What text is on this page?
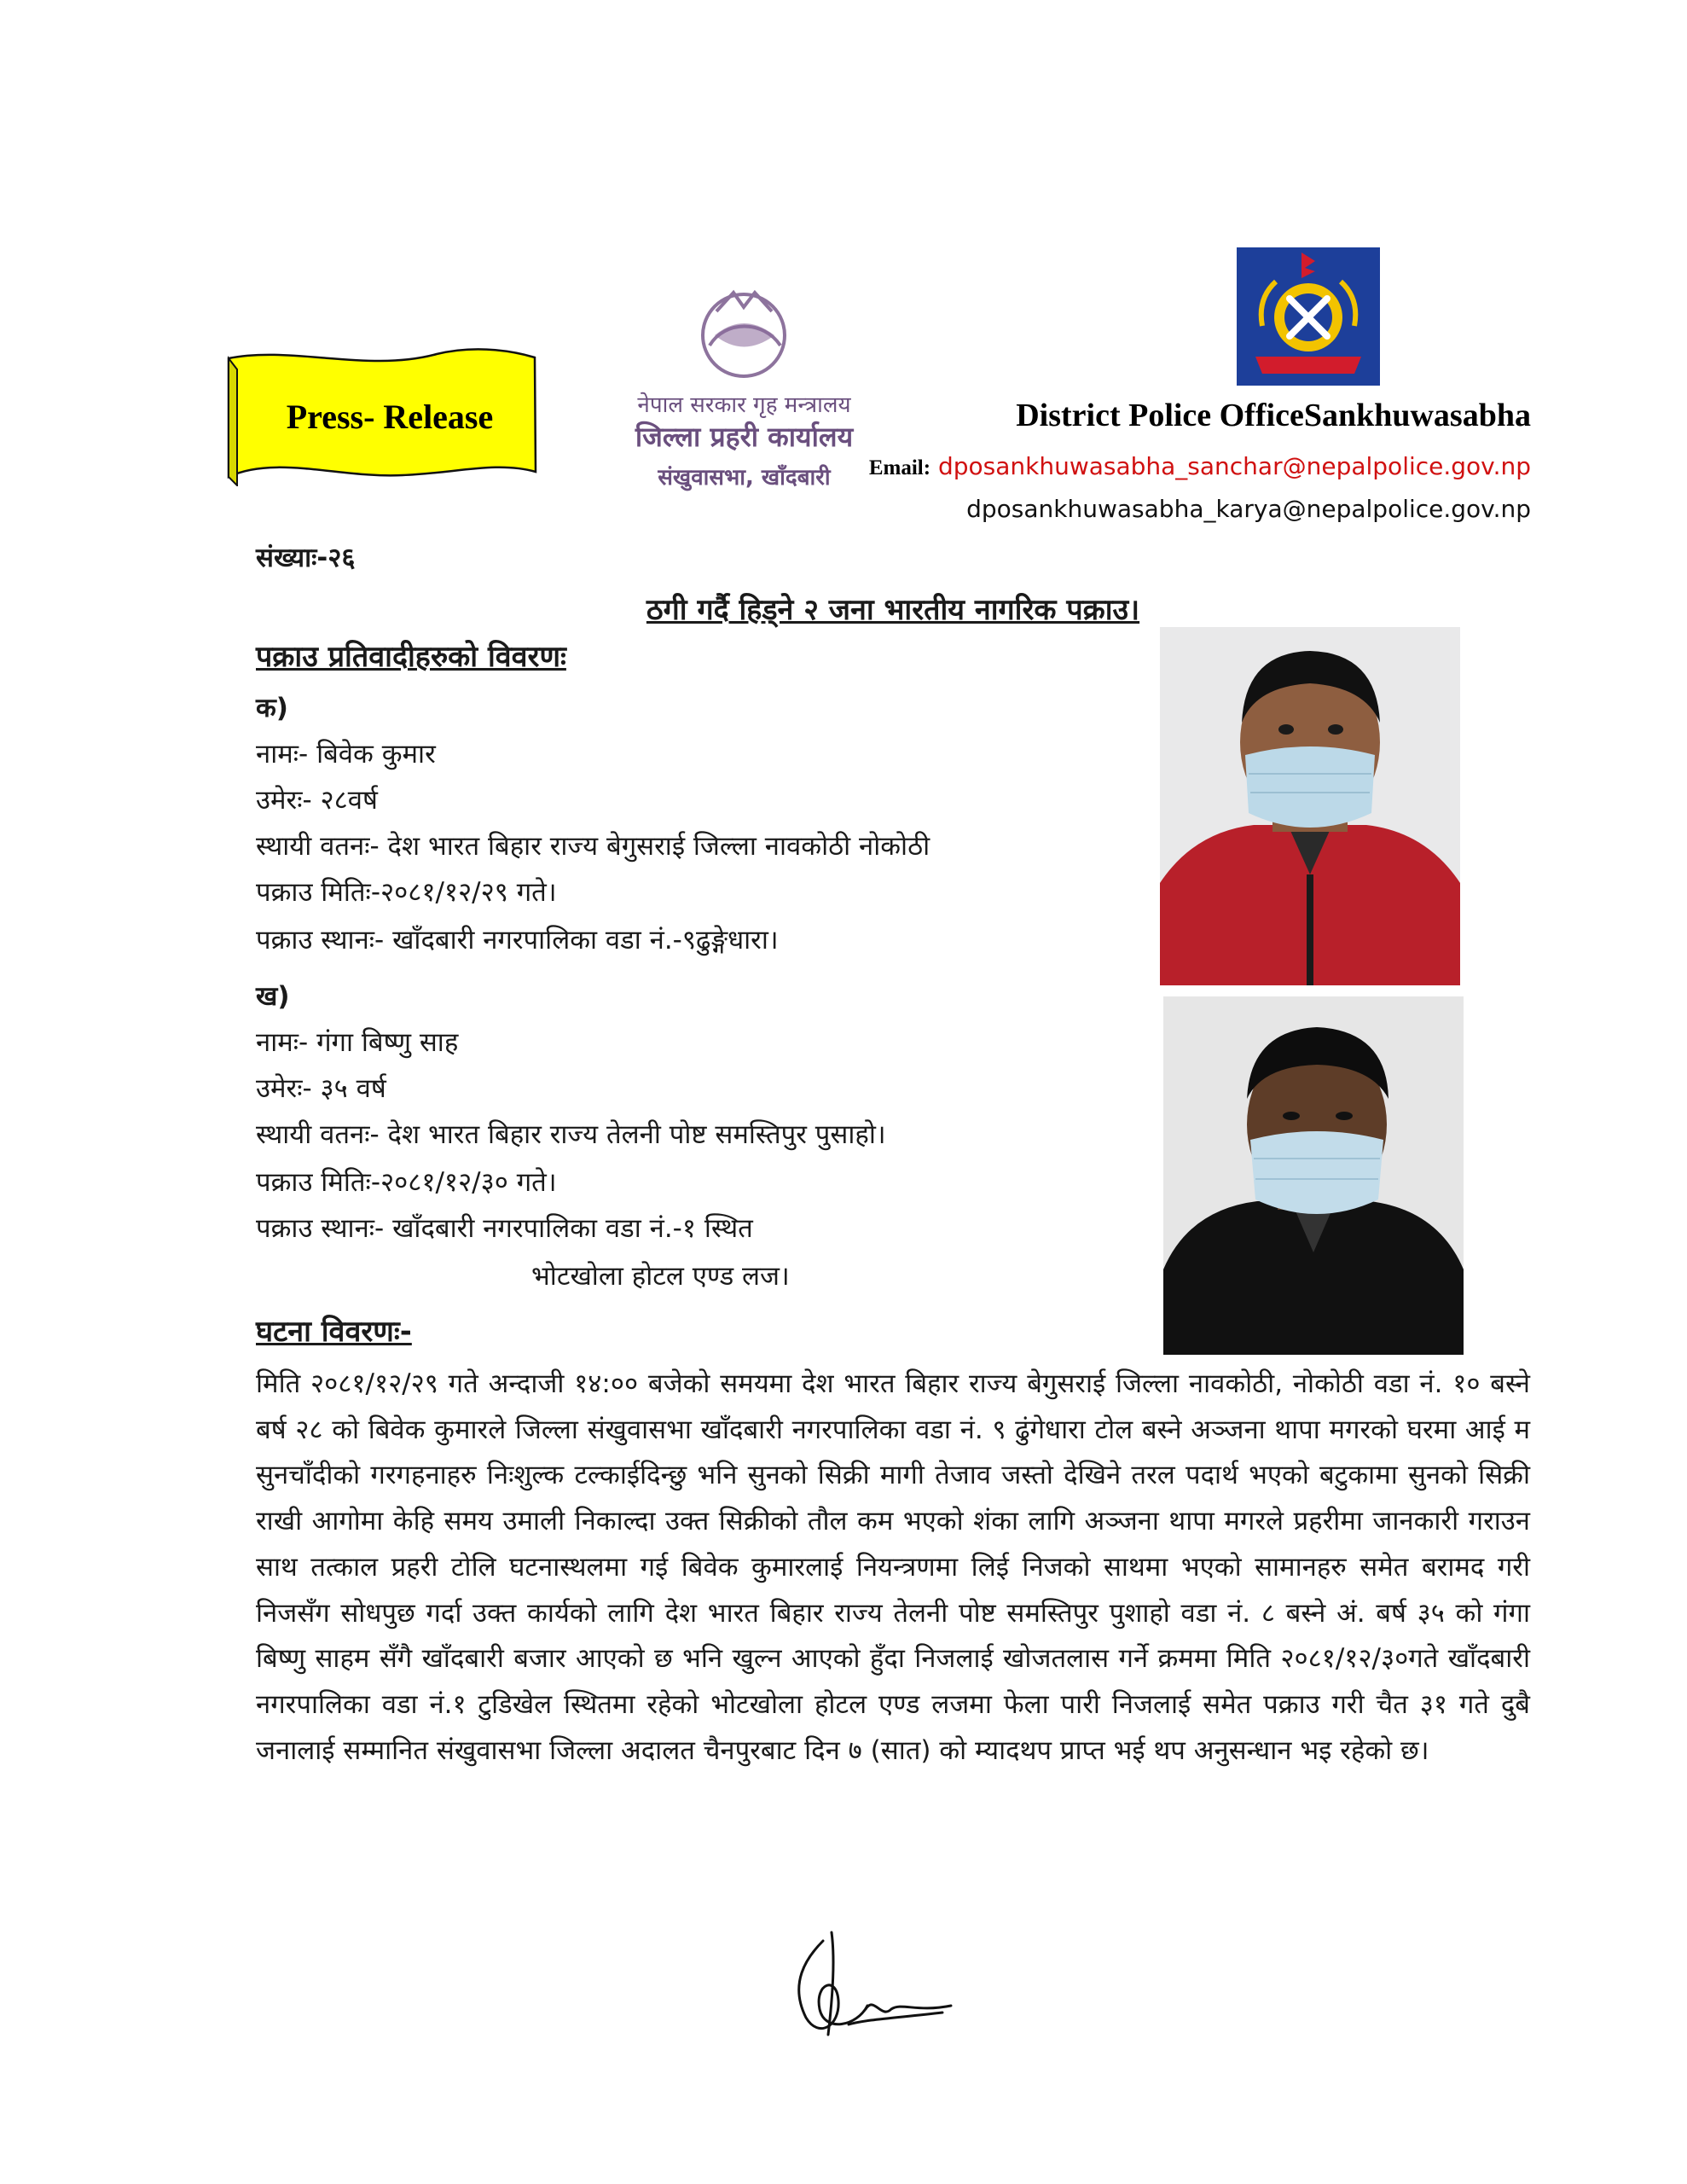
Press- Release	नेपाल सरकार गृह मन्त्रालय
जिल्ला प्रहरी कार्यालय
संखुवासभा, खाँदबारी
District Police OfficeSankhuwasabha
Email: dposankhuwasabha_sanchar@nepalpolice.gov.np
dposankhuwasabha_karya@nepalpolice.gov.np
संख्याः-२६
ठगी गर्दै हिड्ने २ जना भारतीय नागरिक पक्राउ।
पक्राउ प्रतिवादीहरुको विवरणः
क)
नामः- बिवेक कुमार
उमेरः- २८वर्ष
स्थायी वतनः- देश भारत बिहार राज्य बेगुसराई जिल्ला नावकोठी नोकोठी
पक्राउ मितिः-२०८१/१२/२९ गते।
पक्राउ स्थानः- खाँदबारी नगरपालिका वडा नं.-९ढुङ्गेधारा।
ख)
नामः- गंगा बिष्णु साह
उमेरः- ३५ वर्ष
स्थायी वतनः- देश भारत बिहार राज्य तेलनी पोष्ट समस्तिपुर पुसाहो।
पक्राउ मितिः-२०८१/१२/३० गते।
पक्राउ स्थानः- खाँदबारी नगरपालिका वडा नं.-१ स्थित
भोटखोला होटल एण्ड लज।
घटना विवरणः-
मिति २०८१/१२/२९ गते अन्दाजी १४:०० बजेको समयमा देश भारत बिहार राज्य बेगुसराई जिल्ला नावकोठी, नोकोठी वडा नं. १० बस्ने बर्ष २८ को बिवेक कुमारले जिल्ला संखुवासभा खाँदबारी नगरपालिका वडा नं. ९ ढुंगेधारा टोल बस्ने अञ्जना थापा मगरको घरमा आई म सुनचाँदीको गरगहनाहरु निःशुल्क टल्काईदिन्छु भनि सुनको सिक्री मागी तेजाव जस्तो देखिने तरल पदार्थ भएको बटुकामा सुनको सिक्री राखी आगोमा केहि समय उमाली निकाल्दा उक्त सिक्रीको तौल कम भएको शंका लागि अञ्जना थापा मगरले प्रहरीमा जानकारी गराउन साथ तत्काल प्रहरी टोलि घटनास्थलमा गई बिवेक कुमारलाई नियन्त्रणमा लिई निजको साथमा भएको सामानहरु समेत बरामद गरी निजसँग सोधपुछ गर्दा उक्त कार्यको लागि देश भारत बिहार राज्य तेलनी पोष्ट समस्तिपुर पुशाहो वडा नं. ८ बस्ने अं. बर्ष ३५ को गंगा बिष्णु साहम सँगै खाँदबारी बजार आएको छ भनि खुल्न आएको हुँदा निजलाई खोजतलास गर्ने क्रममा मिति २०८१/१२/३०गते खाँदबारी नगरपालिका वडा नं.१ टुडिखेल स्थितमा रहेको भोटखोला होटल एण्ड लजमा फेला पारी निजलाई समेत पक्राउ गरी चैत ३१ गते दुबै जनालाई सम्मानित संखुवासभा जिल्ला अदालत चैनपुरबाट दिन ७ (सात) को म्यादथप प्राप्त भई थप अनुसन्धान भइ रहेको छ।
